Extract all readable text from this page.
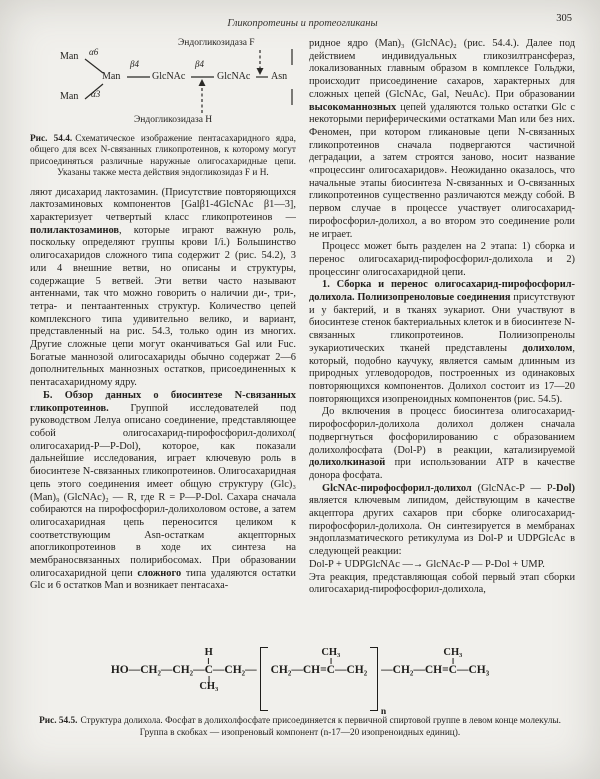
Гликопротеины и протеогликаны	305
Эндогликозидаза F
Man α6
Man α3
Man
β4
GlcNAc
β4
GlcNAc Asn
Эндогликозидаза H
Рис. 54.4. Схематическое изображение пентасахаридного ядра, общего для всех N-связанных гликопротеинов, к которому могут присоединяться различные наружные олигосахаридные цепи. Указаны также места действия эндогликозидаз F и H.

ляют дисахарид лактозамин. (Присутствие повторяющихся лактозаминовых компонентов [Galβ1-4GlcNAc β1—3], характеризует четвертый класс гликопротеинов — полилактозаминов, которые играют важную роль, поскольку определяют группы крови I/i.) Большинство олигосахаридов сложного типа содержит 2 (рис. 54.2), 3 или 4 внешние ветви, но описаны и структуры, содержащие 5 ветвей. Эти ветви часто называют антеннами, так что можно говорить о наличии ди-, три-, тетра- и пентаантенных структур. Количество цепей комплексного типа удивительно велико, и вариант, представленный на рис. 54.3, только один из многих. Другие сложные цепи могут оканчиваться Gal или Fuc. Богатые маннозой олигосахариды обычно содержат 2—6 дополнительных маннозных остатков, присоединенных к пентасахаридному ядру.

Б. Обзор данных о биосинтезе N-связанных гликопротеинов. Группой исследователей под руководством Лелуа описано соединение, представляющее собой олигосахарид-пирофосфорил-долихол( олигосахарид-P—P-Dol), которое, как показали дальнейшие исследования, играет ключевую роль в биосинтезе N-связанных гликопротеинов. Олигосахаридная цепь этого соединения имеет общую структуру (Glc)₃ (Man)₉ (GlcNAc)₂ — R, где R = P—P-Dol. Сахара сначала собираются на пирофосфорил-долихоловом остове, а затем олигосахаридная цепь переносится целиком к соответствующим Asn-остаткам акцепторных апогликопротеинов в ходе их синтеза на мембраносвязанных полирибосомах. При образовании олигосахаридной цепи сложного типа удаляются остатки Glc и 6 остатков Man и возникает пентасаха-

ридное ядро (Man)₃ (GlcNAc)₂ (рис. 54.4.). Далее под действием индивидуальных гликозилтрансфераз, локализованных главным образом в комплексе Гольджи, происходит присоединение сахаров, характерных для сложных цепей (GlcNAc, Gal, NeuAc). При образовании высокоманнозных цепей удаляются только остатки Glc с некоторыми периферическими остатками Man или без них. Феномен, при котором гликановые цепи N-связанных гликопротеинов сначала подвергаются частичной деградации, а затем строятся заново, носит название «процессинг олигосахаридов». Неожиданно оказалось, что начальные этапы биосинтеза N-связанных и O-связанных гликопротеинов существенно различаются между собой. В первом случае в процессе участвует олигосахарид-пирофосфорил-долихол, а во втором это соединение роли не играет.

Процесс может быть разделен на 2 этапа: 1) сборка и перенос олигосахарид-пирофосфорил-долихола и 2) процессинг олигосахаридной цепи.

1. Сборка и перенос олигосахарид-пирофосфорил-долихола. Полиизопреноловые соединения присутствуют и у бактерий, и в тканях эукариот. Они участвуют в биосинтезе стенок бактериальных клеток и в биосинтезе N-связанных гликопротеинов. Полиизопренолы эукариотических тканей представлены долихолом, который, подобно каучуку, является самым длинным из природных углеводородов, построенных из одинаковых повторяющихся компонентов. Долихол состоит из 17—20 повторяющихся изопреноидных компонентов (рис. 54.5).

До включения в процесс биосинтеза олигосахарид-пирофосфорил-долихола долихол должен сначала подвергнуться фосфорилированию с образованием долихолфосфата (Dol-P) в реакции, катализируемой долихолкиназой при использовании ATP в качестве донора фосфата.

GlcNAc-пирофосфорил-долихол (GlcNAc-P — P-Dol) является ключевым липидом, действующим в качестве акцептора других сахаров при сборке олигосахарид-пирофосфорил-долихола. Он синтезируется в мембранах эндоплазматического ретикулума из Dol-P и UDPGlcAc в следующей реакции:

Dol-P + UDPGlcNAc —→ GlcNAc-P — P-Dol + UMP.

Эта реакция, представляющая собой первый этап сборки олигосахарид-пирофосфорил-долихола,

HO—CH₂—CH₂—
H
C
CH₃
—CH₂— CH₂—CH=
CH₃
C —CH₂
n
—CH₂—CH=
CH₃
C —CH₃
Рис. 54.5. Структура долихола. Фосфат в долихолфосфате присоединяется к первичной спиртовой группе в левом конце молекулы. Группа в скобках — изопреновый компонент (n-17—20 изопреноидных единиц).
